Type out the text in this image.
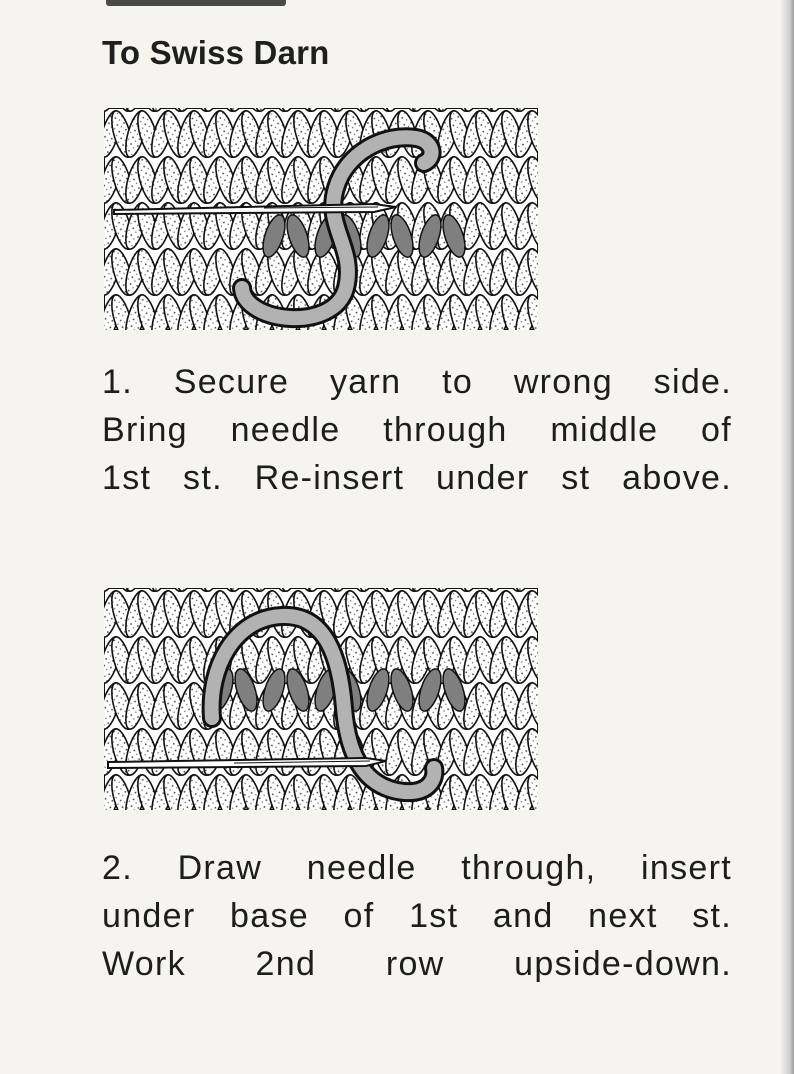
To Swiss Darn

1. Secure yarn to wrong side.
Bring needle through middle of
1st st. Re-insert under st above.

2. Draw needle through, insert
under base of 1st and next st.
Work 2nd row upside-down.
